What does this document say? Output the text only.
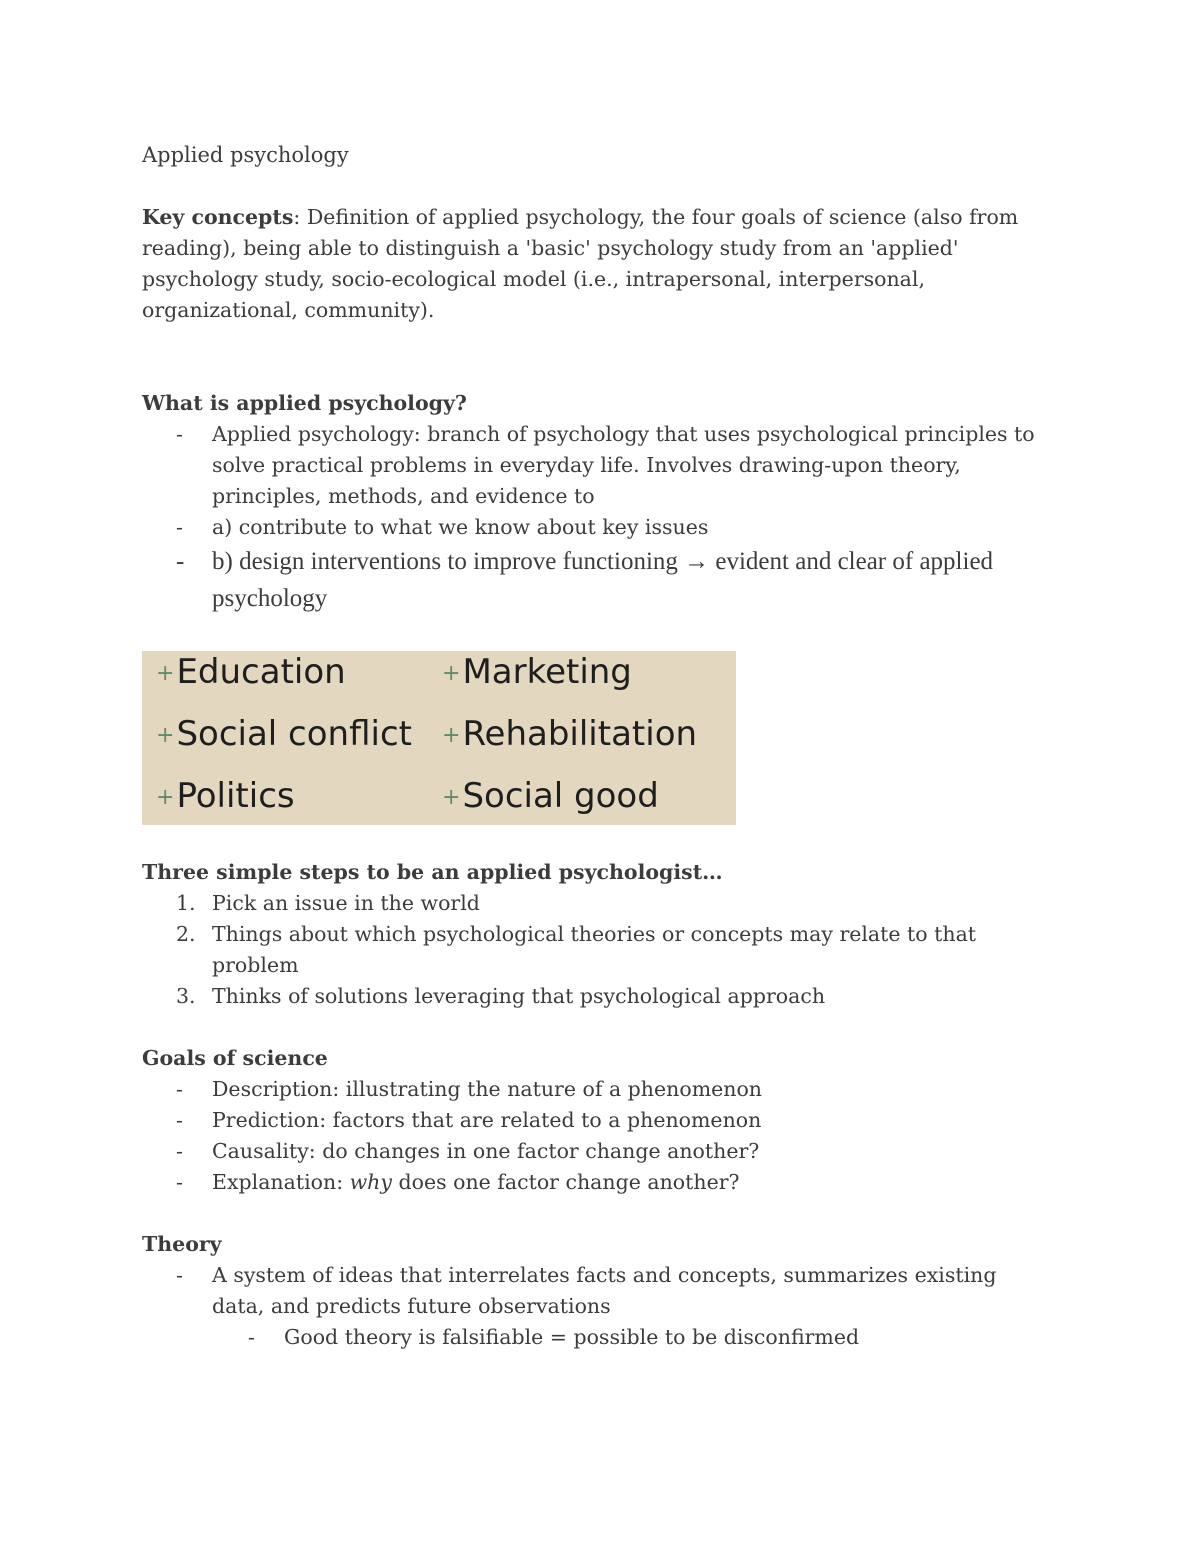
Applied psychology

Key concepts: Definition of applied psychology, the four goals of science (also from reading), being able to distinguish a 'basic' psychology study from an 'applied' psychology study, socio-ecological model (i.e., intrapersonal, interpersonal, organizational, community).

What is applied psychology?

- Applied psychology: branch of psychology that uses psychological principles to solve practical problems in everyday life. Involves drawing-upon theory, principles, methods, and evidence to
- a) contribute to what we know about key issues
- b) design interventions to improve functioning → evident and clear of applied psychology
+Education	+Marketing
+Social conflict +Rehabilitation
+Politics	+Social good

Three simple steps to be an applied psychologist…

1. Pick an issue in the world
2. Things about which psychological theories or concepts may relate to that problem
3. Thinks of solutions leveraging that psychological approach

Goals of science

- Description: illustrating the nature of a phenomenon
- Prediction: factors that are related to a phenomenon
- Causality: do changes in one factor change another?
- Explanation: why does one factor change another?

Theory

- A system of ideas that interrelates facts and concepts, summarizes existing data, and predicts future observations
- Good theory is falsifiable = possible to be disconfirmed
